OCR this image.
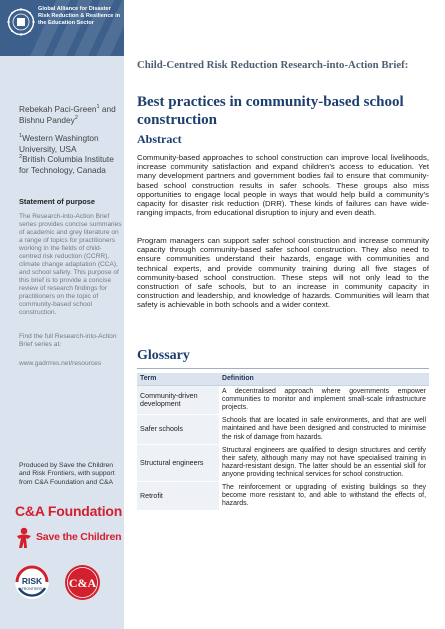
Global Alliance for Disaster Risk Reduction & Resilience in the Education Sector
Rebekah Paci-Green$^1$ and Bishnu Pandey$^2$
$^1$Western Washington University, USA
$^2$British Columbia Institute for Technology, Canada
Statement of purpose
The Research-into-Action Brief series provides concise summaries of academic and grey literature on a range of topics for practitioners working in the fields of child-centred risk reduction (CCRR), climate change adaptation (CCA), and school safety. This purpose of this brief is to provide a concise review of research findings for practitioners on the topic of community-based school construction.
Find the full Research-into-Action Brief series at:
www.gadrrres.net/resources
Produced by Save the Children and Risk Frontiers, with support from C&A Foundation and C&A
C&A Foundation
Save the Children
RISK
FRONTIERS C&A
Child-Centred Risk Reduction Research-into-Action Brief:
Best practices in community-based school construction
Abstract
Community-based approaches to school construction can improve local livelihoods, increase community satisfaction and expand children’s access to education. Yet many development partners and government bodies fail to ensure that community-based school construction results in safer schools. These groups also miss opportunities to engage local people in ways that would help build a community’s capacity for disaster risk reduction (DRR). These kinds of failures can have wide-ranging impacts, from educational disruption to injury and even death.
Program managers can support safer school construction and increase community capacity through community-based safer school construction. They also need to ensure communities understand their hazards, engage with communities and technical experts, and provide community training during all five stages of community-based school construction. These steps will not only lead to the construction of safe schools, but to an increase in community capacity in construction and leadership, and knowledge of hazards. Communities will learn that safety is achievable in both schools and a wider context.
Glossary
Term	Definition
Community-driven development	A decentralised approach where governments empower communities to monitor and implement small-scale infrastructure projects.
Safer schools	Schools that are located in safe environments, and that are well maintained and have been designed and constructed to minimise the risk of damage from hazards.
Structural engineers	Structural engineers are qualified to design structures and certify their safety, although many may not have specialised training in hazard-resistant design. The latter should be an essential skill for anyone providing technical services for school construction.
Retrofit	The reinforcement or upgrading of existing buildings so they become more resistant to, and able to withstand the effects of, hazards.
